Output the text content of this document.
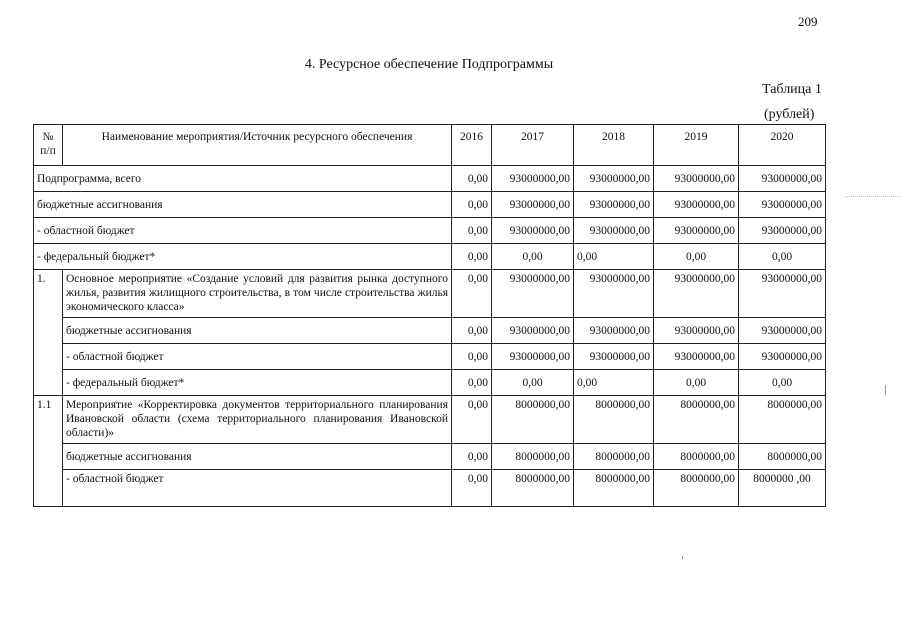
209
4. Ресурсное обеспечение Подпрограммы
Таблица 1
(рублей)
№ п/п	Наименование мероприятия/Источник ресурсного обеспечения	2016	2017	2018	2019	2020
Подпрограмма, всего		0,00	93000000,00	93000000,00	93000000,00	93000000,00
бюджетные ассигнования		0,00	93000000,00	93000000,00	93000000,00	93000000,00
- областной бюджет		0,00	93000000,00	93000000,00	93000000,00	93000000,00
- федеральный бюджет*		0,00	0,00	0,00	0,00	0,00
1.	Основное мероприятие «Создание условий для развития рынка доступного жилья, развития жилищного строительства, в том числе строительства жилья экономического класса»	0,00	93000000,00	93000000,00	93000000,00	93000000,00
	бюджетные ассигнования	0,00	93000000,00	93000000,00	93000000,00	93000000,00
	- областной бюджет	0,00	93000000,00	93000000,00	93000000,00	93000000,00
	- федеральный бюджет*	0,00	0,00	0,00	0,00	0,00
1.1	Мероприятие «Корректировка документов территориального планирования Ивановской области (схема территориального планирования Ивановской области)»	0,00	8000000,00	8000000,00	8000000,00	8000000,00
	бюджетные ассигнования	0,00	8000000,00	8000000,00	8000000,00	8000000,00
	- областной бюджет	0,00	8000000,00	8000000,00	8000000,00	8000000 ,00
